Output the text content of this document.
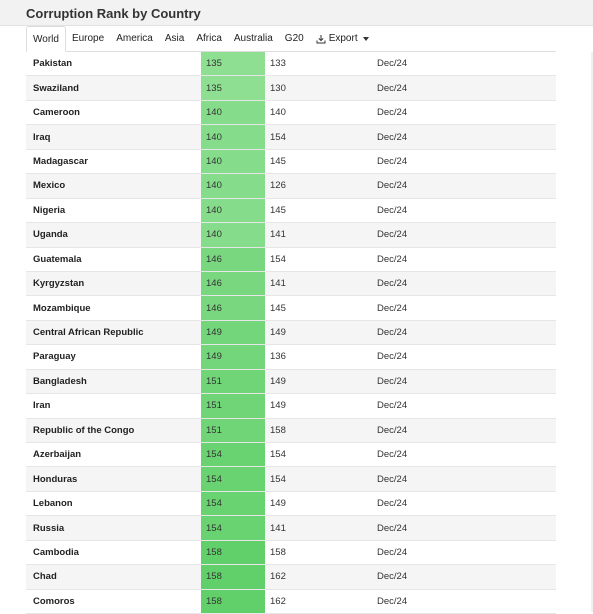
Corruption Rank by Country
World	Europe	America	Asia	Africa	Australia	G20	Export
Pakistan	135	133	Dec/24
Swaziland	135	130	Dec/24
Cameroon	140	140	Dec/24
Iraq	140	154	Dec/24
Madagascar	140	145	Dec/24
Mexico	140	126	Dec/24
Nigeria	140	145	Dec/24
Uganda	140	141	Dec/24
Guatemala	146	154	Dec/24
Kyrgyzstan	146	141	Dec/24
Mozambique	146	145	Dec/24
Central African Republic	149	149	Dec/24
Paraguay	149	136	Dec/24
Bangladesh	151	149	Dec/24
Iran	151	149	Dec/24
Republic of the Congo	151	158	Dec/24
Azerbaijan	154	154	Dec/24
Honduras	154	154	Dec/24
Lebanon	154	149	Dec/24
Russia	154	141	Dec/24
Cambodia	158	158	Dec/24
Chad	158	162	Dec/24
Comoros	158	162	Dec/24
